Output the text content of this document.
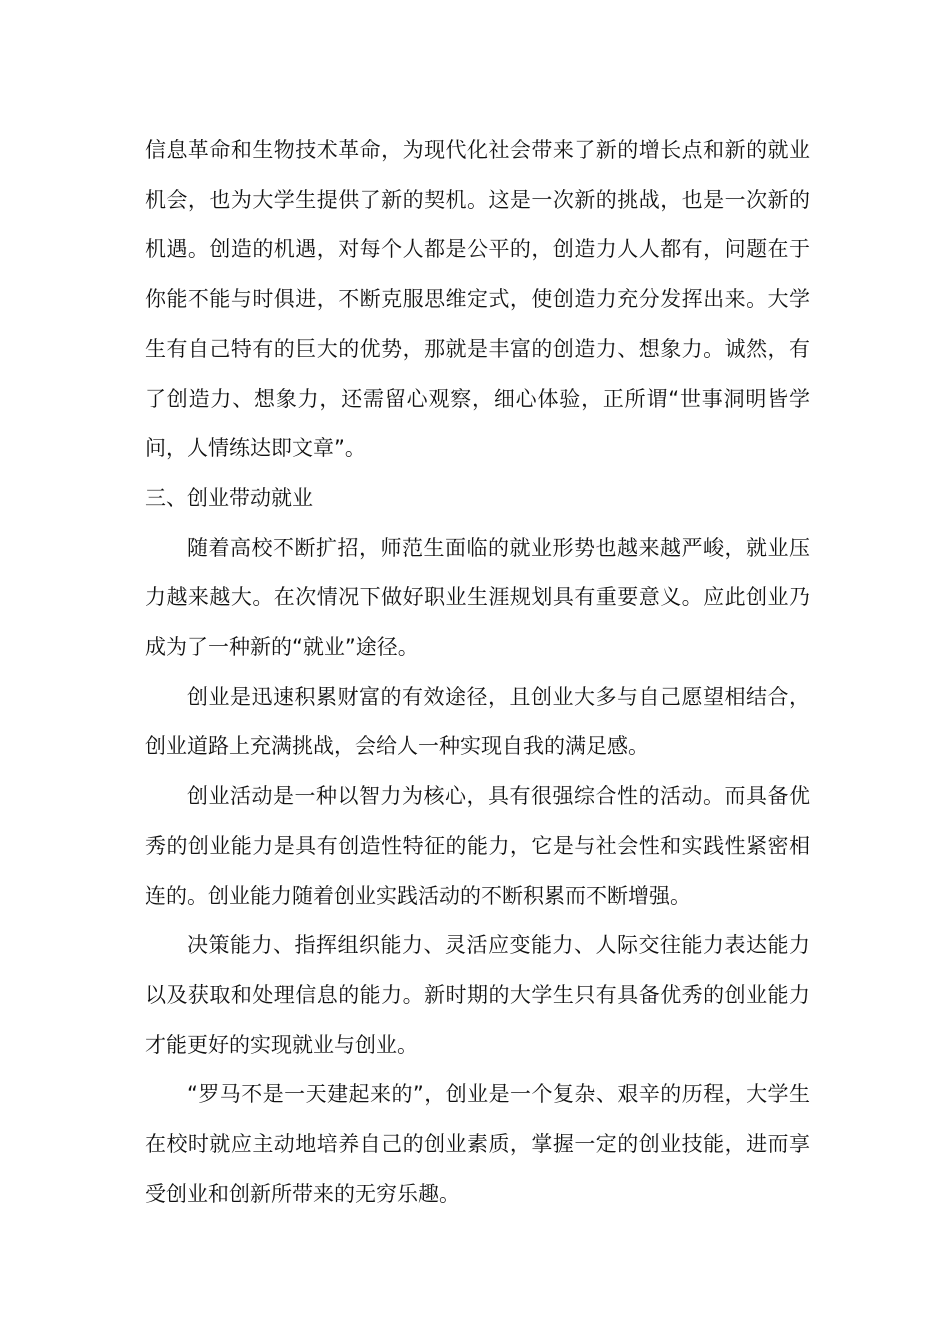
信息革命和生物技术革命，为现代化社会带来了新的增长点和新的就业机会，也为大学生提供了新的契机。这是一次新的挑战，也是一次新的机遇。创造的机遇，对每个人都是公平的，创造力人人都有，问题在于你能不能与时俱进，不断克服思维定式，使创造力充分发挥出来。大学生有自己特有的巨大的优势，那就是丰富的创造力、想象力。诚然，有了创造力、想象力，还需留心观察，细心体验，正所谓“世事洞明皆学问，人情练达即文章”。

三、创业带动就业

随着高校不断扩招，师范生面临的就业形势也越来越严峻，就业压力越来越大。在次情况下做好职业生涯规划具有重要意义。应此创业乃成为了一种新的“就业”途径。

创业是迅速积累财富的有效途径，且创业大多与自己愿望相结合，创业道路上充满挑战，会给人一种实现自我的满足感。

创业活动是一种以智力为核心，具有很强综合性的活动。而具备优秀的创业能力是具有创造性特征的能力，它是与社会性和实践性紧密相连的。创业能力随着创业实践活动的不断积累而不断增强。

决策能力、指挥组织能力、灵活应变能力、人际交往能力表达能力以及获取和处理信息的能力。新时期的大学生只有具备优秀的创业能力才能更好的实现就业与创业。

“罗马不是一天建起来的”，创业是一个复杂、艰辛的历程，大学生在校时就应主动地培养自己的创业素质，掌握一定的创业技能，进而享受创业和创新所带来的无穷乐趣。
